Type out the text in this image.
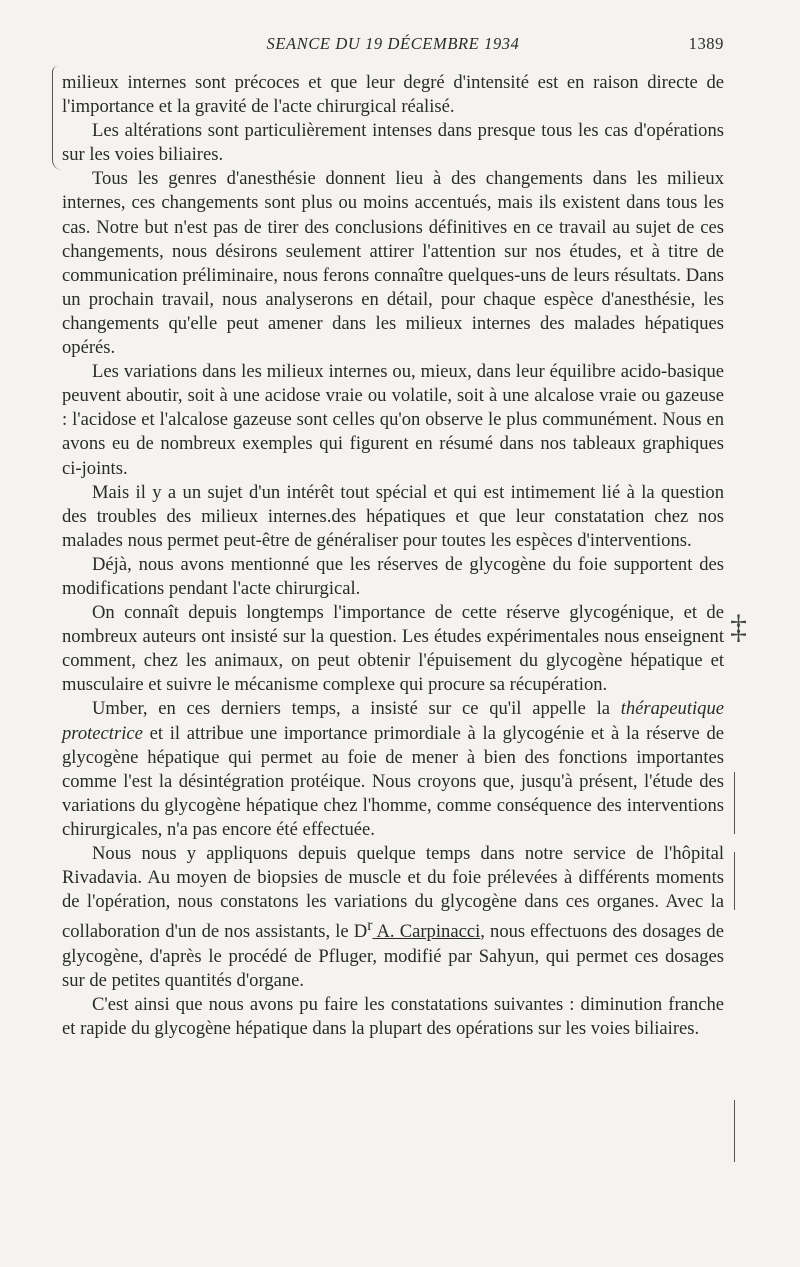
SEANCE DU 19 DÉCEMBRE 1934	1389
‡

milieux internes sont précoces et que leur degré d'intensité est en raison directe de l'importance et la gravité de l'acte chirurgical réalisé.

Les altérations sont particulièrement intenses dans presque tous les cas d'opérations sur les voies biliaires.

Tous les genres d'anesthésie donnent lieu à des changements dans les milieux internes, ces changements sont plus ou moins accentués, mais ils existent dans tous les cas. Notre but n'est pas de tirer des conclusions définitives en ce travail au sujet de ces changements, nous désirons seulement attirer l'attention sur nos études, et à titre de communication préliminaire, nous ferons connaître quelques-uns de leurs résultats. Dans un prochain travail, nous analyserons en détail, pour chaque espèce d'anesthésie, les changements qu'elle peut amener dans les milieux internes des malades hépatiques opérés.

Les variations dans les milieux internes ou, mieux, dans leur équilibre acido-basique peuvent aboutir, soit à une acidose vraie ou volatile, soit à une alcalose vraie ou gazeuse : l'acidose et l'alcalose gazeuse sont celles qu'on observe le plus communément. Nous en avons eu de nombreux exemples qui figurent en résumé dans nos tableaux graphiques ci-joints.

Mais il y a un sujet d'un intérêt tout spécial et qui est intimement lié à la question des troubles des milieux internes.des hépatiques et que leur constatation chez nos malades nous permet peut-être de généraliser pour toutes les espèces d'interventions.

Déjà, nous avons mentionné que les réserves de glycogène du foie supportent des modifications pendant l'acte chirurgical.

On connaît depuis longtemps l'importance de cette réserve glycogénique, et de nombreux auteurs ont insisté sur la question. Les études expérimentales nous enseignent comment, chez les animaux, on peut obtenir l'épuisement du glycogène hépatique et musculaire et suivre le mécanisme complexe qui procure sa récupération.

Umber, en ces derniers temps, a insisté sur ce qu'il appelle la thérapeutique protectrice et il attribue une importance primordiale à la glycogénie et à la réserve de glycogène hépatique qui permet au foie de mener à bien des fonctions importantes comme l'est la désintégration protéique. Nous croyons que, jusqu'à présent, l'étude des variations du glycogène hépatique chez l'homme, comme conséquence des interventions chirurgicales, n'a pas encore été effectuée.

Nous nous y appliquons depuis quelque temps dans notre service de l'hôpital Rivadavia. Au moyen de biopsies de muscle et du foie prélevées à différents moments de l'opération, nous constatons les variations du glycogène dans ces organes. Avec la collaboration d'un de nos assistants, le $D^r$ A. Carpinacci, nous effectuons des dosages de glycogène, d'après le procédé de Pfluger, modifié par Sahyun, qui permet ces dosages sur de petites quantités d'organe.

C'est ainsi que nous avons pu faire les constatations suivantes : diminution franche et rapide du glycogène hépatique dans la plupart des opérations sur les voies biliaires.
